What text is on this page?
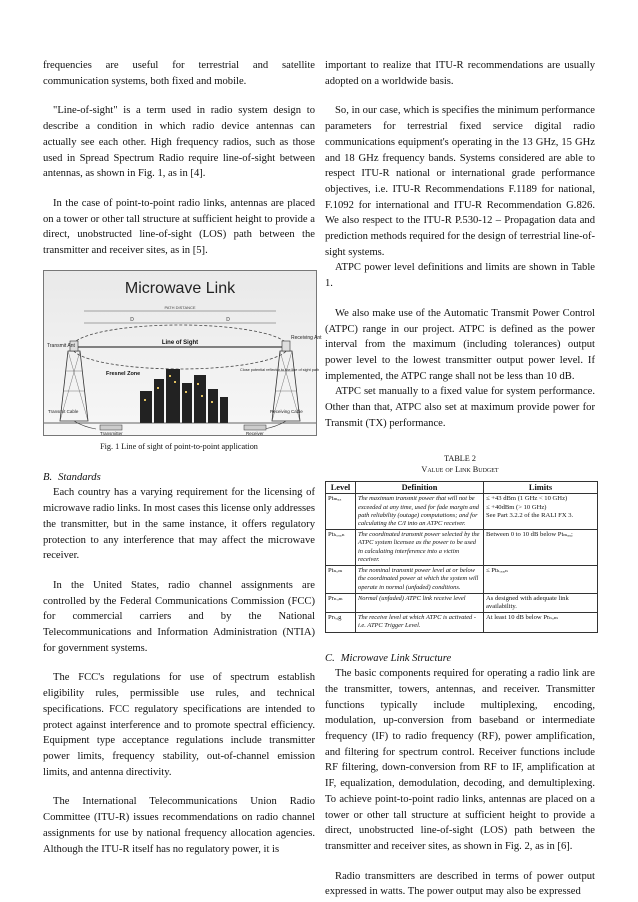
frequencies are useful for terrestrial and satellite communication systems, both fixed and mobile.

"Line-of-sight" is a term used in radio system design to describe a condition in which radio device antennas can actually see each other. High frequency radios, such as those used in Spread Spectrum Radio require line-of-sight between antennas, as shown in Fig. 1, as in [4].

In the case of point-to-point radio links, antennas are placed on a tower or other tall structure at sufficient height to provide a direct, unobstructed line-of-sight (LOS) path between the transmitter and receiver sites, as in [5].

Microwave Link
PATH DISTANCE
D	D
Line of Sight
Transmit Ant
Receiving Ant
Fresnel Zone
Close potential reflector to the line of sight path
Transmit Cable	Receiving Cable
Transmitter	Receiver
Fig. 1 Line of sight of point-to-point application
B. Standards

Each country has a varying requirement for the licensing of microwave radio links. In most cases this license only addresses the transmitter, but in the same instance, it offers regulatory protection to any interference that may affect the microwave receiver.

In the United States, radio channel assignments are controlled by the Federal Communications Commission (FCC) for commercial carriers and by the National Telecommunications and Information Administration (NTIA) for government systems.

The FCC's regulations for use of spectrum establish eligibility rules, permissible use rules, and technical specifications. FCC regulatory specifications are intended to protect against interference and to promote spectral efficiency. Equipment type acceptance regulations include transmitter power limits, frequency stability, out-of-channel emission limits, and antenna directivity.

The International Telecommunications Union Radio Committee (ITU-R) issues recommendations on radio channel assignments for use by national frequency allocation agencies. Although the ITU-R itself has no regulatory power, it is

important to realize that ITU-R recommendations are usually adopted on a worldwide basis.

So, in our case, which is specifies the minimum performance parameters for terrestrial fixed service digital radio communications equipment's operating in the 13 GHz, 15 GHz and 18 GHz frequency bands. Systems considered are able to respect ITU-R national or international grade performance objectives, i.e. ITU-R Recommendations F.1189 for national, F.1092 for international and ITU-R Recommendation G.826. We also respect to the ITU-R P.530-12 – Propagation data and prediction methods required for the design of terrestrial line-of-sight systems.

ATPC power level definitions and limits are shown in Table 1.

We also make use of the Automatic Transmit Power Control (ATPC) range in our project. ATPC is defined as the power interval from the maximum (including tolerances) output power level to the lowest transmitter output power level. If implemented, the ATPC range shall not be less than 10 dB.

ATPC set manually to a fixed value for system performance. Other than that, ATPC also set at maximum provide power for Transmit (TX) performance.

TABLE 2
Value of Link Budget
Level	Definition	Limits
Ptₘₐₓ	The maximum transmit power that will not be exceeded at any time, used for fade margin and path reliability (outage) computations; and for calculating the C/I into an ATPC receiver.	≤ +43 dBm (1 GHz < 10 GHz)
≤ +40dBm (> 10 GHz)
See Part 3.2.2 of the RALI FX 3.
Ptₕₒₒₑₙ	The coordinated transmit power selected by the ATPC system licensee as the power to be used in calculating interference into a victim receiver.	Between 0 to 10 dB below Ptₘₐₓ;
Ptₙₒₘ	The nominal transmit power level at or below the coordinated power at which the system will operate in normal (unfaded) conditions.	≤ Ptₕₒₒₑₙ
Prₙₒₘ	Normal (unfaded) ATPC link receive level	As designed with adequate link availability.
Prₜᵣᵢg	The receive level at which ATPC is activated - i.e. ATPC Trigger Level.	At least 10 dB below Prₙₒₘ
C. Microwave Link Structure

The basic components required for operating a radio link are the transmitter, towers, antennas, and receiver. Transmitter functions typically include multiplexing, encoding, modulation, up-conversion from baseband or intermediate frequency (IF) to radio frequency (RF), power amplification, and filtering for spectrum control. Receiver functions include RF filtering, down-conversion from RF to IF, amplification at IF, equalization, demodulation, decoding, and demultiplexing. To achieve point-to-point radio links, antennas are placed on a tower or other tall structure at sufficient height to provide a direct, unobstructed line-of-sight (LOS) path between the transmitter and receiver sites, as shown in Fig. 2, as in [6].

Radio transmitters are described in terms of power output expressed in watts. The power output may also be expressed
